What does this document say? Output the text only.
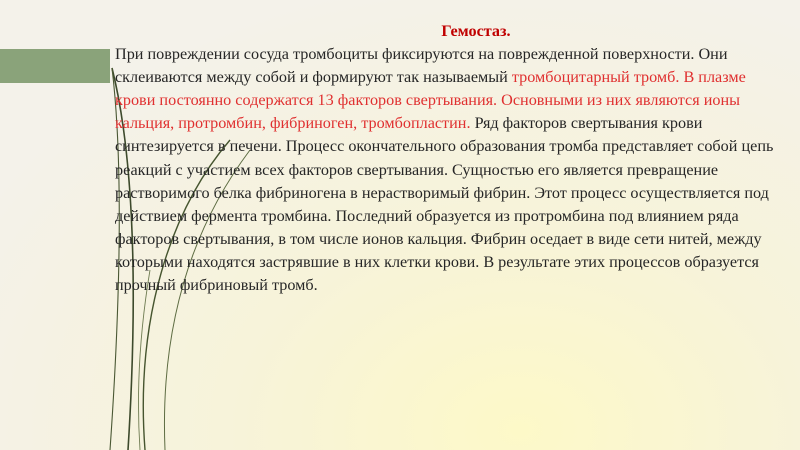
Гемостаз.
При повреждении сосуда тромбоциты фиксируются на поврежденной поверхности. Они склеиваются между собой и формируют так называемый тромбоцитарный тромб. В плазме крови постоянно содержатся 13 факторов свертывания. Основными из них являются ионы кальция, протромбин, фибриноген, тромбопластин. Ряд факторов свертывания крови синтезируется в печени. Процесс окончательного образования тромба представляет собой цепь реакций с участием всех факторов свертывания. Сущностью его является превращение растворимого белка фибриногена в нерастворимый фибрин. Этот процесс осуществляется под действием фермента тромбина. Последний образуется из протромбина под влиянием ряда факторов свертывания, в том числе ионов кальция. Фибрин оседает в виде сети нитей, между которыми находятся застрявшие в них клетки крови. В результате этих процессов образуется прочный фибриновый тромб.
